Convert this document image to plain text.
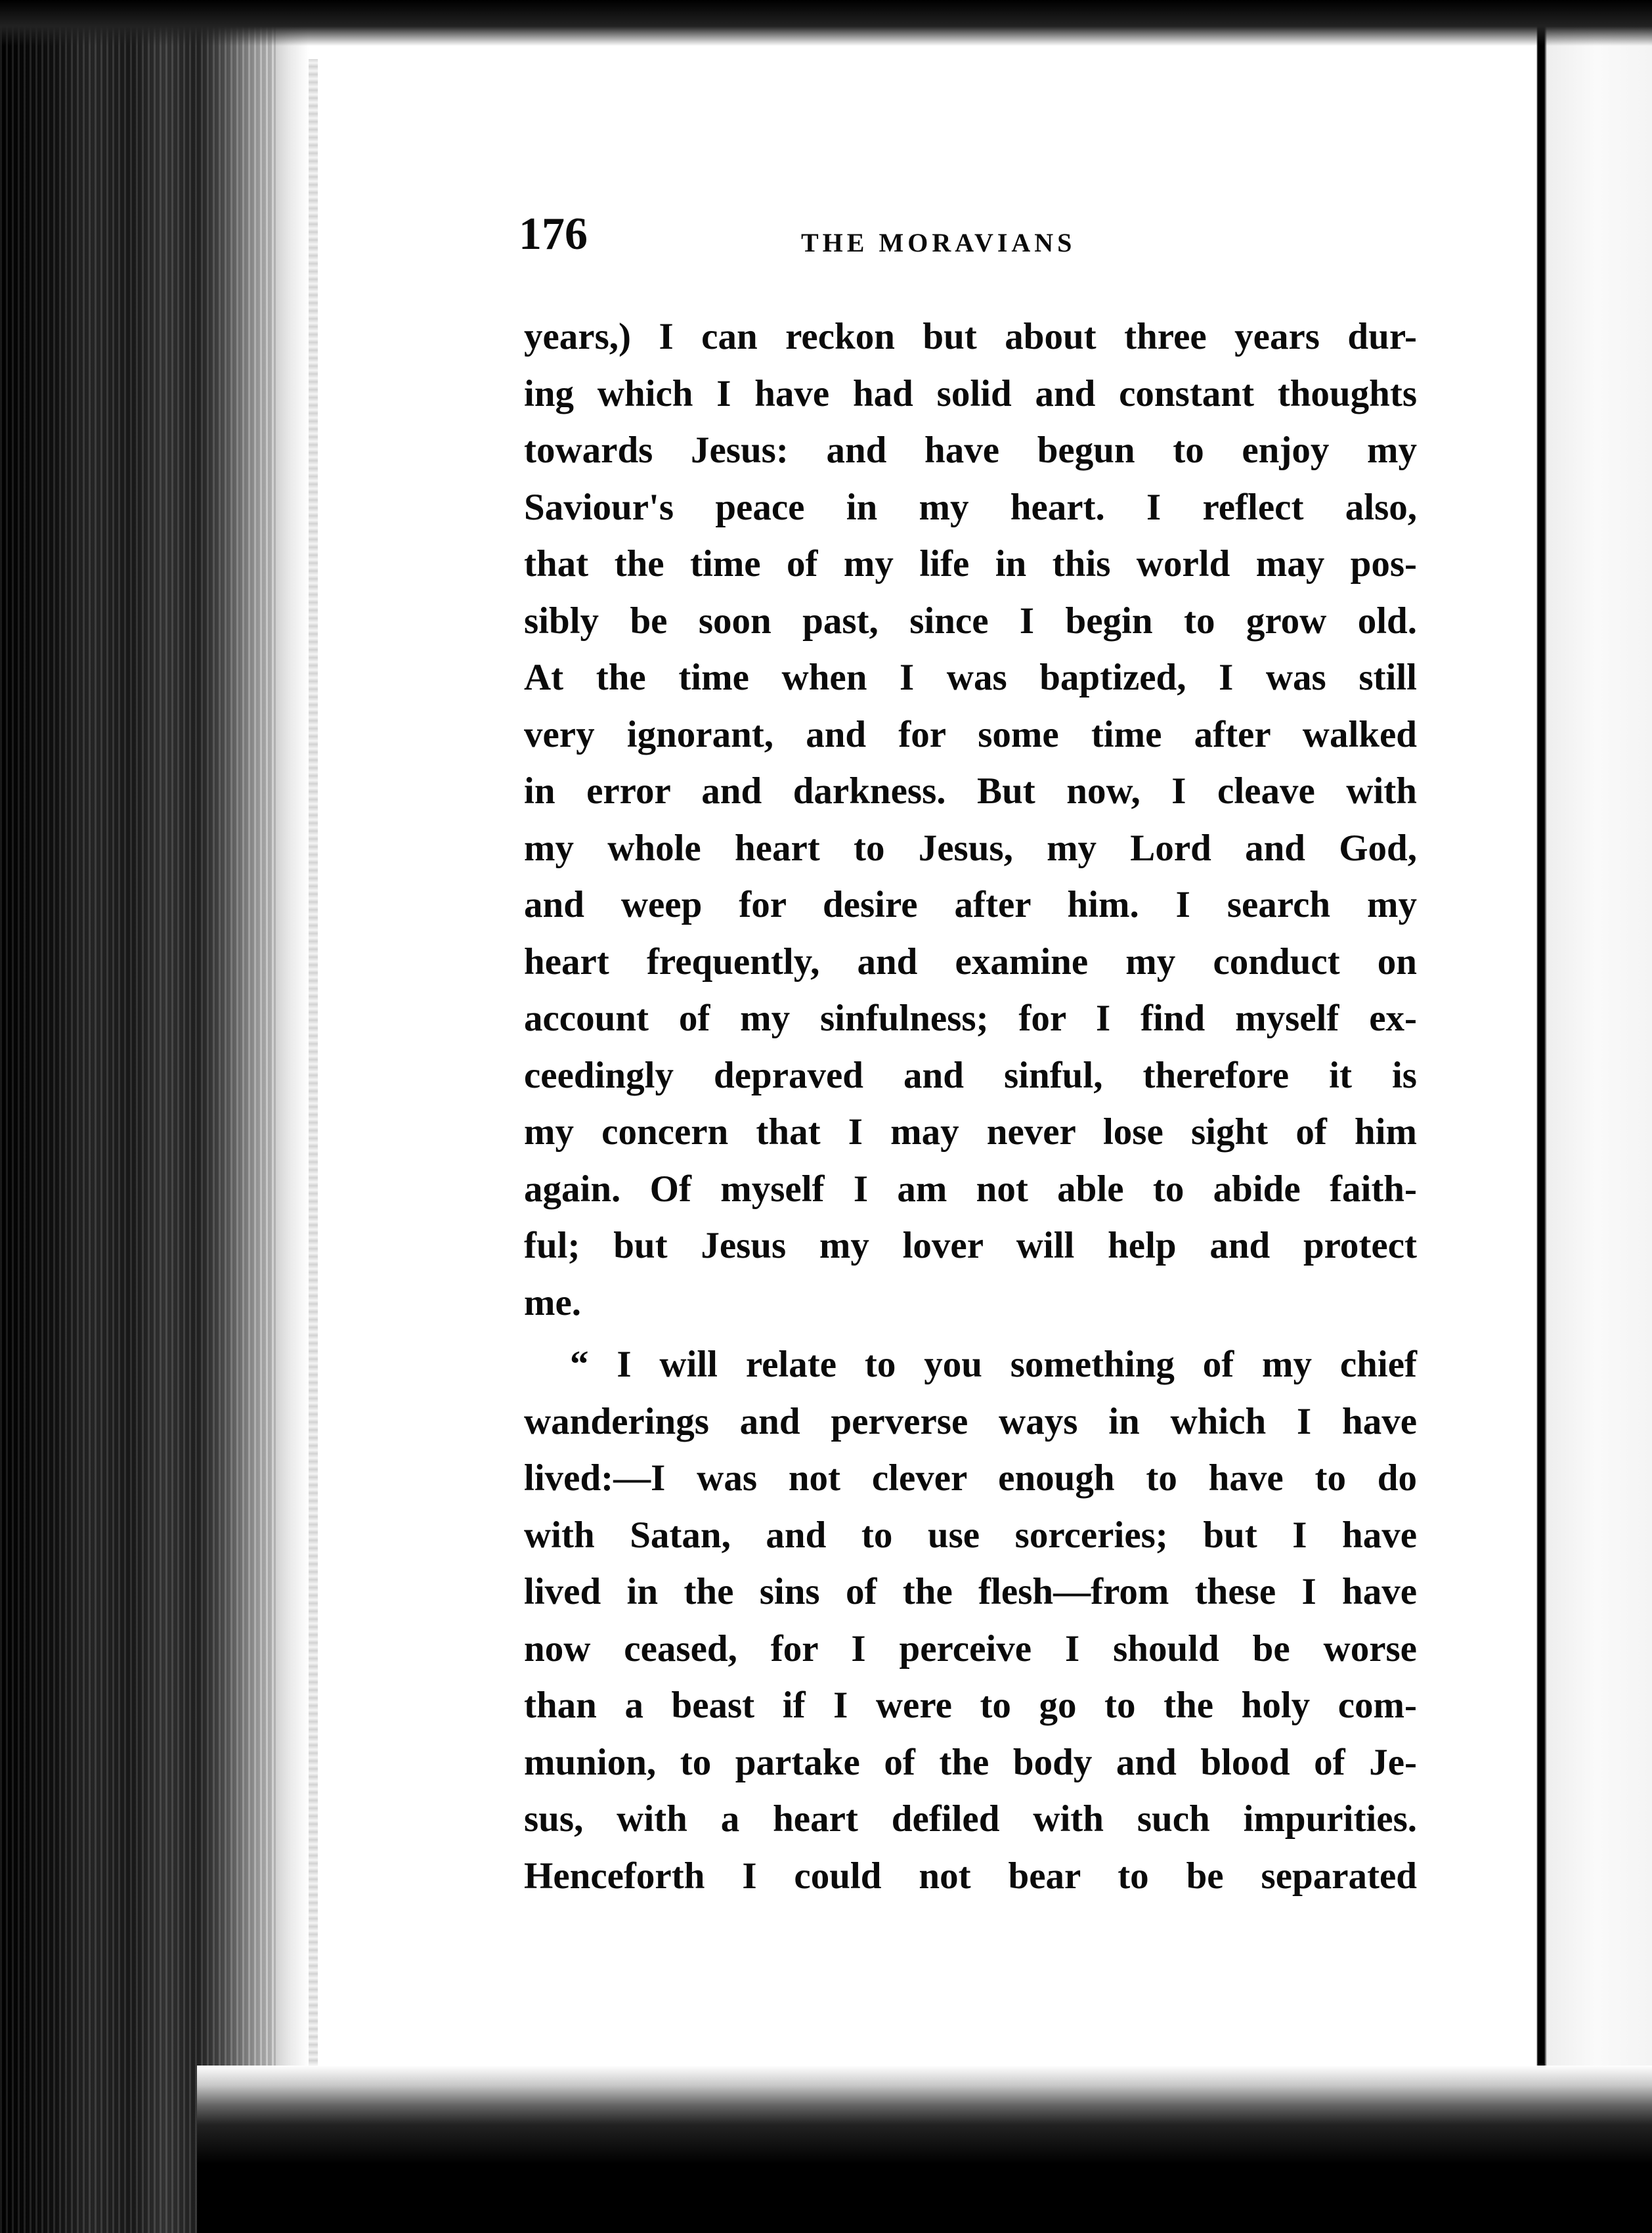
176	THE MORAVIANS
years,) I can reckon but about three years dur-
ing which I have had solid and constant thoughts
towards Jesus: and have begun to enjoy my
Saviour's peace in my heart. I reflect also,
that the time of my life in this world may pos-
sibly be soon past, since I begin to grow old.
At the time when I was baptized, I was still
very ignorant, and for some time after walked
in error and darkness. But now, I cleave with
my whole heart to Jesus, my Lord and God,
and weep for desire after him. I search my
heart frequently, and examine my conduct on
account of my sinfulness; for I find myself ex-
ceedingly depraved and sinful, therefore it is
my concern that I may never lose sight of him
again. Of myself I am not able to abide faith-
ful; but Jesus my lover will help and protect
me.
“ I will relate to you something of my chief
wanderings and perverse ways in which I have
lived:—I was not clever enough to have to do
with Satan, and to use sorceries; but I have
lived in the sins of the flesh—from these I have
now ceased, for I perceive I should be worse
than a beast if I were to go to the holy com-
munion, to partake of the body and blood of Je-
sus, with a heart defiled with such impurities.
Henceforth I could not bear to be separated
